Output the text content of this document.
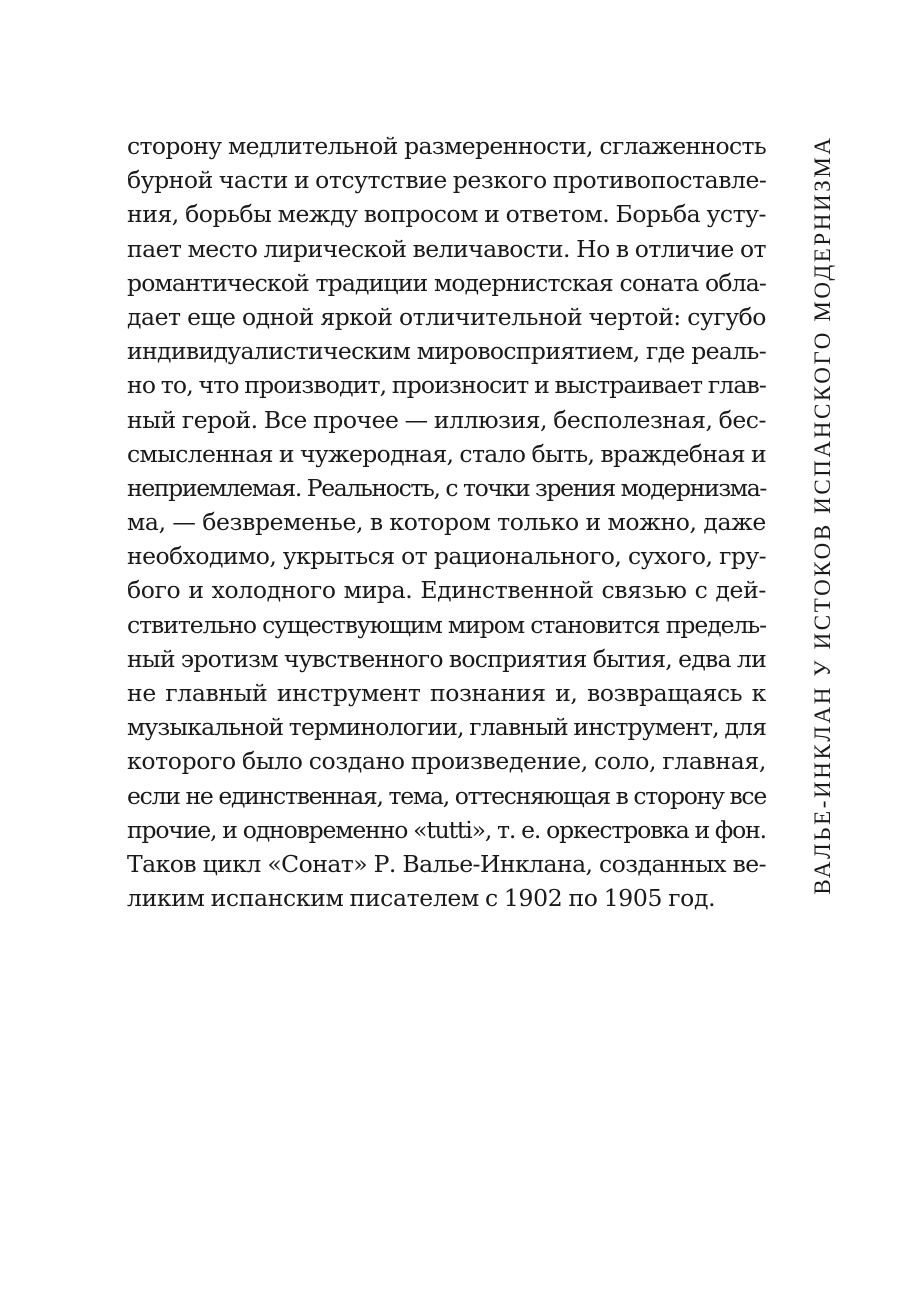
сторону медлительной размеренности, сглаженность
бурной части и отсутствие резкого противопоставле-
ния, борьбы между вопросом и ответом. Борьба усту-
пает место лирической величавости. Но в отличие от
романтической традиции модернистская соната обла-
дает еще одной яркой отличительной чертой: сугубо
индивидуалистическим мировосприятием, где реаль-
но то, что производит, произносит и выстраивает глав-
ный герой. Все прочее — иллюзия, бесполезная, бес-
смысленная и чужеродная, стало быть, враждебная и
неприемлемая. Реальность, с точки зрения модернизма-
ма, — безвременье, в котором только и можно, даже
необходимо, укрыться от рационального, сухого, гру-
бого и холодного мира. Единственной связью с дей-
ствительно существующим миром становится предель-
ный эротизм чувственного восприятия бытия, едва ли
не главный инструмент познания и, возвращаясь к
музыкальной терминологии, главный инструмент, для
которого было создано произведение, соло, главная,
если не единственная, тема, оттесняющая в сторону все
прочие, и одновременно «tutti», т. е. оркестровка и фон.
Таков цикл «Сонат» Р. Валье-Инклана, созданных ве-
ликим испанским писателем с 1902 по 1905 год.
ВАЛЬЕ-ИНКЛАН У ИСТОКОВ ИСПАНСКОГО МОДЕРНИЗМА
